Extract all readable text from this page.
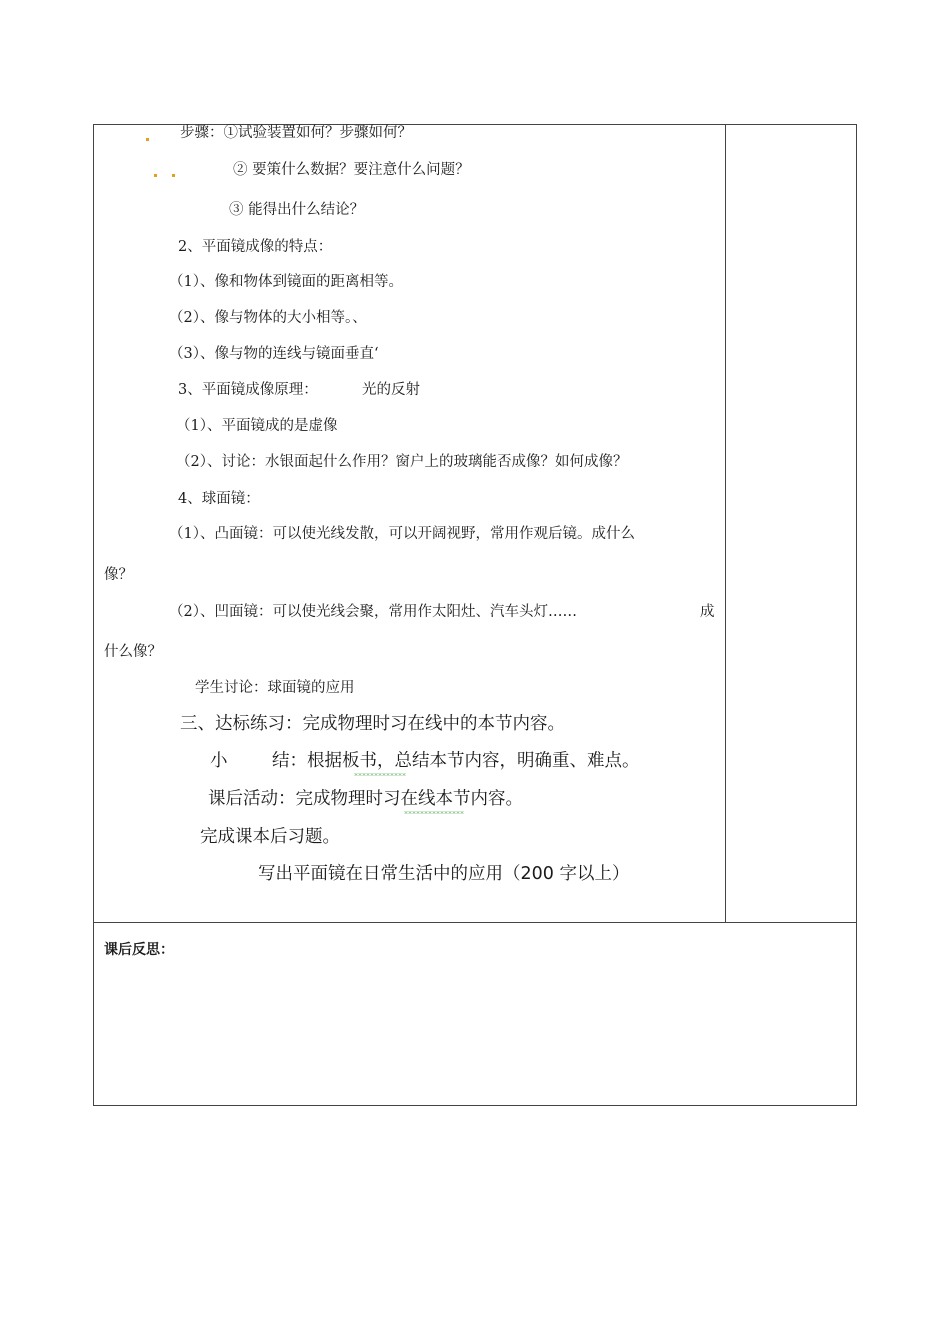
步骤：①试验装置如何？步骤如何？
② 要策什么数据？要注意什么问题？
③ 能得出什么结论？
2、平面镜成像的特点：
（1）、像和物体到镜面的距离相等。
（2）、像与物体的大小相等。、
（3）、像与物的连线与镜面垂直‘
3、平面镜成像原理：	光的反射
（1）、平面镜成的是虚像
（2）、讨论：水银面起什么作用？窗户上的玻璃能否成像？如何成像？
4、球面镜：
（1）、凸面镜：可以使光线发散，可以开阔视野，常用作观后镜。成什么
像？
（2）、凹面镜：可以使光线会聚，常用作太阳灶、汽车头灯……	成
什么像？
学生讨论：球面镜的应用
三、达标练习：完成物理时习在线中的本节内容。
小	结：根据板书，总结本节内容，明确重、难点。
课后活动：完成物理时习在线本节内容。
完成课本后习题。
写出平面镜在日常生活中的应用（200 字以上）
课后反思：
